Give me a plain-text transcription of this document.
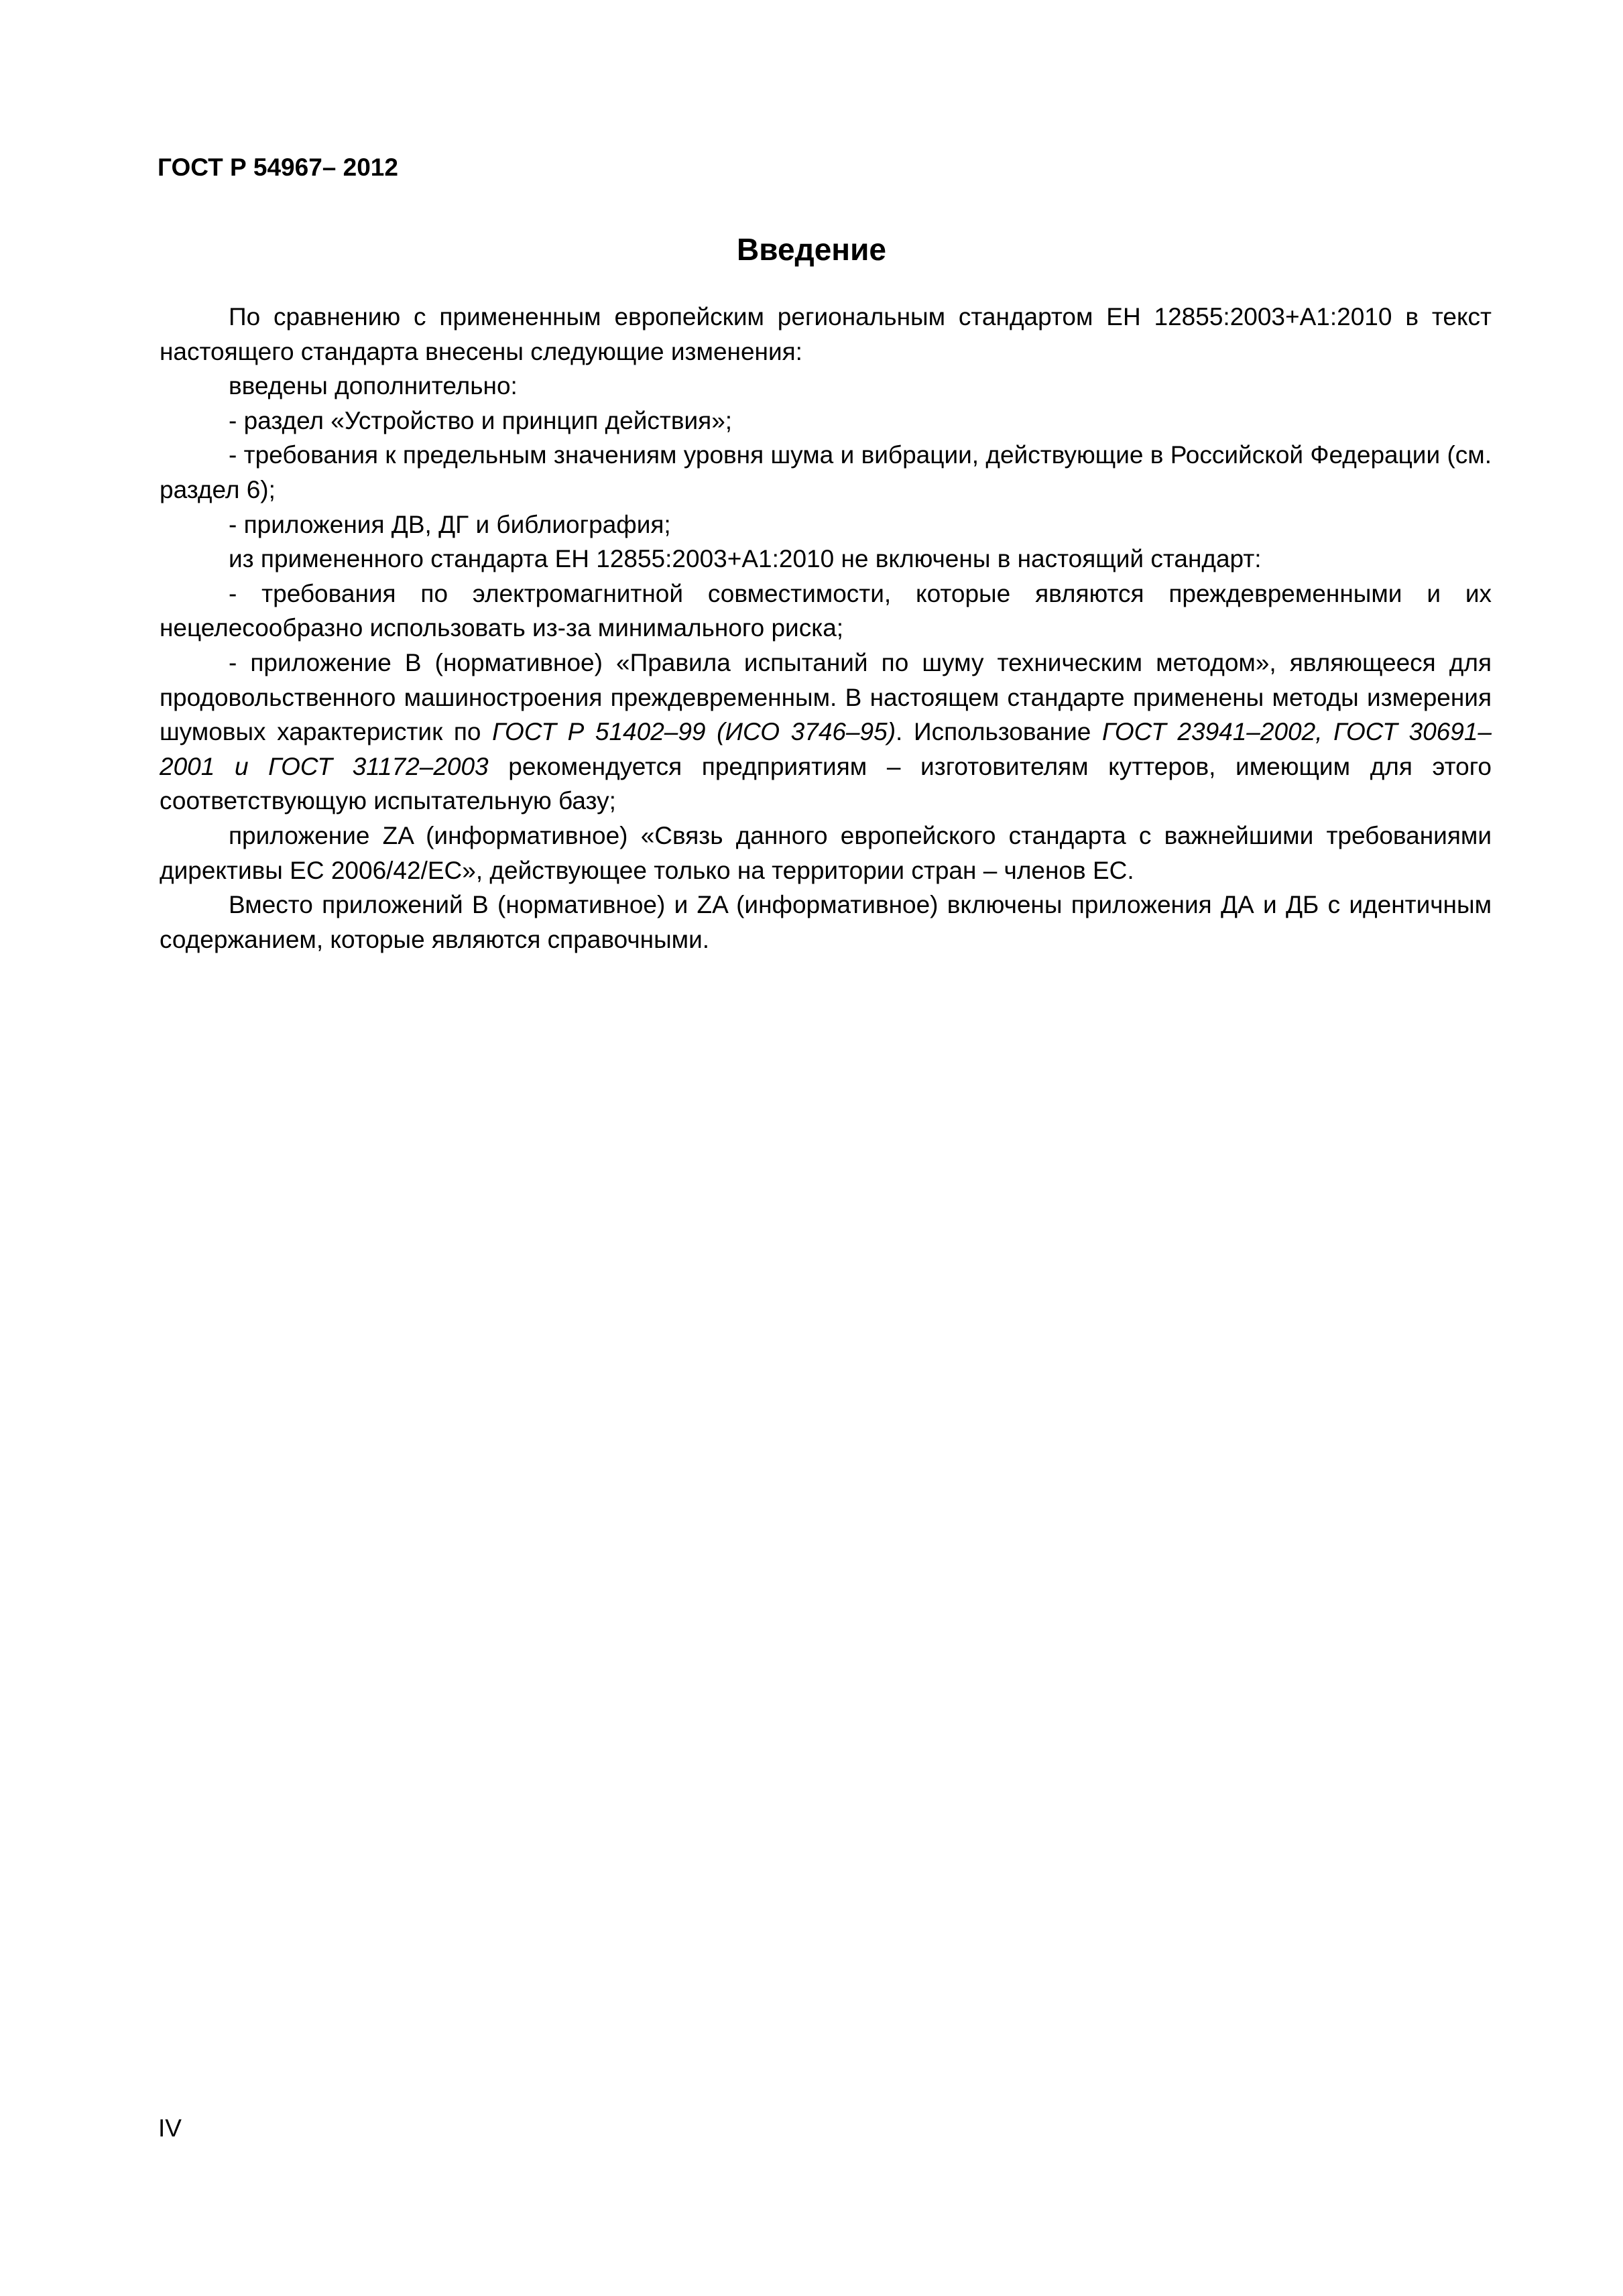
ГОСТ Р 54967– 2012
Введение

По сравнению с примененным европейским региональным стандартом ЕН 12855:2003+А1:2010 в текст настоящего стандарта внесены следующие изменения:

введены дополнительно:

- раздел «Устройство и принцип действия»;

- требования к предельным значениям уровня шума и вибрации, действующие в Российской Федерации (см. раздел 6);

- приложения ДВ, ДГ и библиография;

из примененного стандарта ЕН 12855:2003+А1:2010 не включены в настоящий стандарт:

- требования по электромагнитной совместимости, которые являются преждевременными и их нецелесообразно использовать из-за минимального риска;

- приложение В (нормативное) «Правила испытаний по шуму техническим методом», являющееся для продовольственного машиностроения преждевременным. В настоящем стандарте применены методы измерения шумовых характеристик по ГОСТ Р 51402–99 (ИСО 3746–95). Использование ГОСТ 23941–2002, ГОСТ 30691–2001 и ГОСТ 31172–2003 рекомендуется предприятиям – изготовителям куттеров, имеющим для этого соответствующую испытательную базу;

приложение ZA (информативное) «Связь данного европейского стандарта с важнейшими требованиями директивы ЕС 2006/42/ЕС», действующее только на территории стран – членов ЕС.

Вместо приложений В (нормативное) и ZA (информативное) включены приложения ДА и ДБ с идентичным содержанием, которые являются справочными.

IV
